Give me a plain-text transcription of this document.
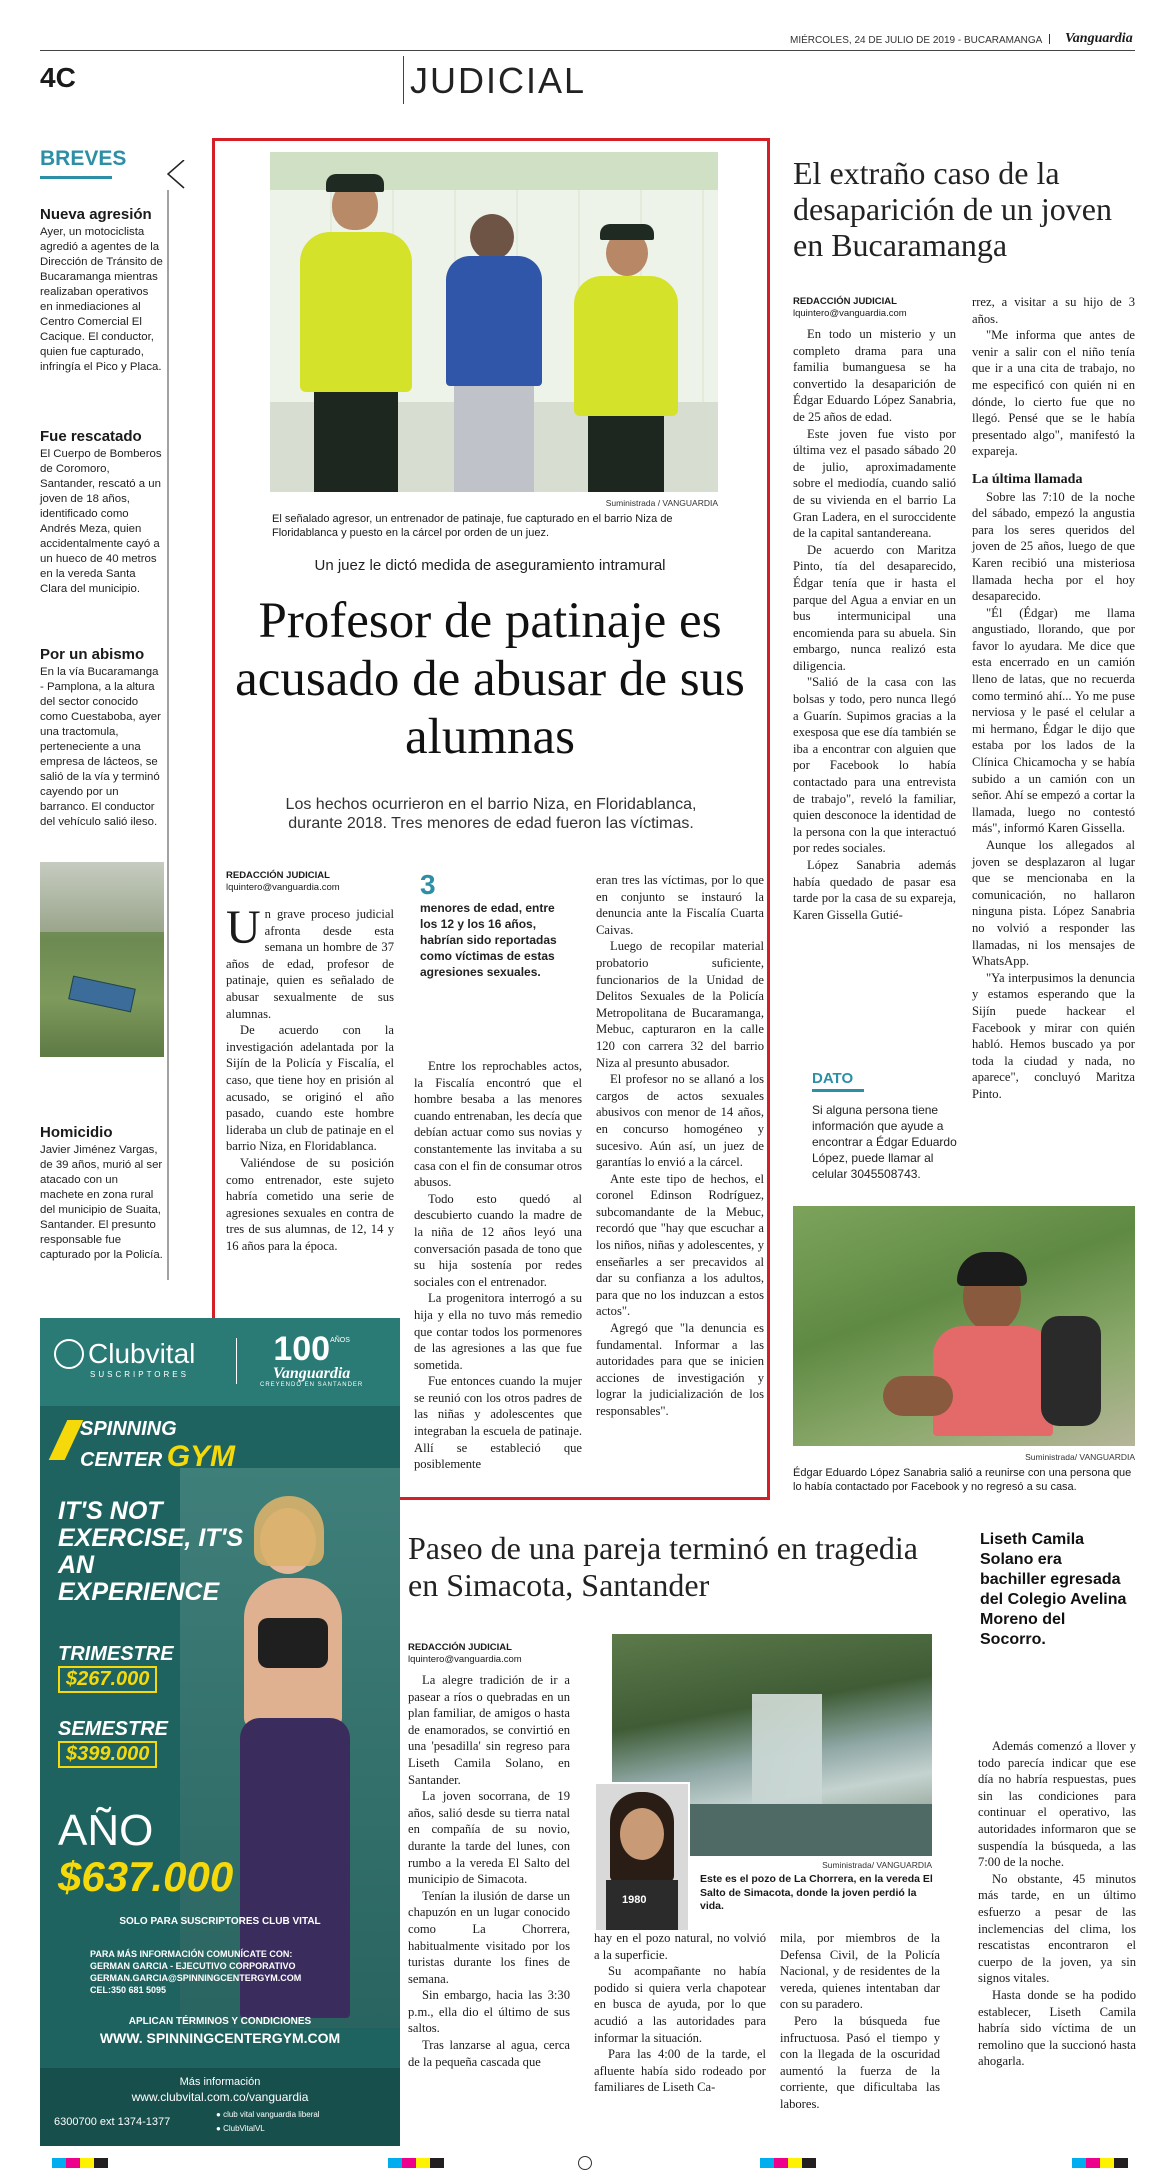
MIÉRCOLES, 24 DE JULIO DE 2019 - BUCARAMANGA	Vanguardia
4C	JUDICIAL
BREVES
Nueva agresión
Ayer, un motociclista agredió a agentes de la Dirección de Tránsito de Bucaramanga mientras realizaban operativos en inmediaciones al Centro Comercial El Cacique. El conductor, quien fue capturado, infringía el Pico y Placa.
Fue rescatado
El Cuerpo de Bomberos de Coromoro, Santander, rescató a un joven de 18 años, identificado como Andrés Meza, quien accidentalmente cayó a un hueco de 40 metros en la vereda Santa Clara del municipio.
Por un abismo
En la vía Bucaramanga - Pamplona, a la altura del sector conocido como Cuestaboba, ayer una tractomula, perteneciente a una empresa de lácteos, se salió de la vía y terminó cayendo por un barranco. El conductor del vehículo salió ileso.
Homicidio
Javier Jiménez Vargas, de 39 años, murió al ser atacado con un machete en zona rural del municipio de Suaita, Santander. El presunto responsable fue capturado por la Policía.
Suministrada / VANGUARDIA
El señalado agresor, un entrenador de patinaje, fue capturado en el barrio Niza de Floridablanca y puesto en la cárcel por orden de un juez.
Un juez le dictó medida de aseguramiento intramural
Profesor de patinaje es acusado de abusar de sus alumnas
Los hechos ocurrieron en el barrio Niza, en Floridablanca, durante 2018. Tres menores de edad fueron las víctimas.
REDACCIÓN JUDICIAL
lquintero@vanguardia.com
U n grave proceso judicial afronta desde esta semana un hombre de 37 años de edad, profesor de patinaje, quien es señalado de abusar sexualmente de sus alumnas.

De acuerdo con la investigación adelantada por la Sijín de la Policía y Fiscalía, el caso, que tiene hoy en prisión al acusado, se originó el año pasado, cuando este hombre lideraba un club de patinaje en el barrio Niza, en Floridablanca.

Valiéndose de su posición como entrenador, este sujeto habría cometido una serie de agresiones sexuales en contra de tres de sus alumnas, de 12, 14 y 16 años para la época.

3
menores de edad, entre los 12 y los 16 años, habrían sido reportadas como víctimas de estas agresiones sexuales.

Entre los reprochables actos, la Fiscalía encontró que el hombre besaba a las menores cuando entrenaban, les decía que debían actuar como sus novias y constantemente las invitaba a su casa con el fin de consumar otros abusos.

Todo esto quedó al descubierto cuando la madre de la niña de 12 años leyó una conversación pasada de tono que su hija sostenía por redes sociales con el entrenador.

La progenitora interrogó a su hija y ella no tuvo más remedio que contar todos los pormenores de las agresiones a las que fue sometida.

Fue entonces cuando la mujer se reunió con los otros padres de las niñas y adolescentes que integraban la escuela de patinaje. Allí se estableció que posiblemente

eran tres las víctimas, por lo que en conjunto se instauró la denuncia ante la Fiscalía Cuarta Caivas.

Luego de recopilar material probatorio suficiente, funcionarios de la Unidad de Delitos Sexuales de la Policía Metropolitana de Bucaramanga, Mebuc, capturaron en la calle 120 con carrera 32 del barrio Niza al presunto abusador.

El profesor no se allanó a los cargos de actos sexuales abusivos con menor de 14 años, en concurso homogéneo y sucesivo. Aún así, un juez de garantías lo envió a la cárcel.

Ante este tipo de hechos, el coronel Edinson Rodríguez, subcomandante de la Mebuc, recordó que "hay que escuchar a los niños, niñas y adolescentes, y enseñarles a ser precavidos al dar su confianza a los adultos, para que no los induzcan a estos actos".

Agregó que "la denuncia es fundamental. Informar a las autoridades para que se inicien acciones de investigación y lograr la judicialización de los responsables".

El extraño caso de la desaparición de un joven en Bucaramanga
REDACCIÓN JUDICIAL
lquintero@vanguardia.com

En todo un misterio y un completo drama para una familia bumanguesa se ha convertido la desaparición de Édgar Eduardo López Sanabria, de 25 años de edad.

Este joven fue visto por última vez el pasado sábado 20 de julio, aproximadamente sobre el mediodía, cuando salió de su vivienda en el barrio La Gran Ladera, en el suroccidente de la capital santandereana.

De acuerdo con Maritza Pinto, tía del desaparecido, Édgar tenía que ir hasta el parque del Agua a enviar en un bus intermunicipal una encomienda para su abuela. Sin embargo, nunca realizó esta diligencia.

"Salió de la casa con las bolsas y todo, pero nunca llegó a Guarín. Supimos gracias a la exesposa que ese día también se iba a encontrar con alguien que por Facebook lo había contactado para una entrevista de trabajo", reveló la familiar, quien desconoce la identidad de la persona con la que interactuó por redes sociales.

López Sanabria además había quedado de pasar esa tarde por la casa de su expareja, Karen Gissella Gutié-

rrez, a visitar a su hijo de 3 años.

"Me informa que antes de venir a salir con el niño tenía que ir a una cita de trabajo, no me especificó con quién ni en dónde, lo cierto fue que no llegó. Pensé que se le había presentado algo", manifestó la expareja.

La última llamada

Sobre las 7:10 de la noche del sábado, empezó la angustia para los seres queridos del joven de 25 años, luego de que Karen recibió una misteriosa llamada hecha por el hoy desaparecido.

"Él (Édgar) me llama angustiado, llorando, que por favor lo ayudara. Me dice que esta encerrado en un camión lleno de latas, que no recuerda como terminó ahí... Yo me puse nerviosa y le pasé el celular a mi hermano, Édgar le dijo que estaba por los lados de la Clínica Chicamocha y se había subido a un camión con un señor. Ahí se empezó a cortar la llamada, luego no contestó más", informó Karen Gissella.

Aunque los allegados al joven se desplazaron al lugar que se mencionaba en la comunicación, no hallaron ninguna pista. López Sanabria no volvió a responder las llamadas, ni los mensajes de WhatsApp.

"Ya interpusimos la denuncia y estamos esperando que la Sijín puede hackear el Facebook y mirar con quién habló. Hemos buscado ya por toda la ciudad y nada, no aparece", concluyó Maritza Pinto.

DATO
Si alguna persona tiene información que ayude a encontrar a Édgar Eduardo López, puede llamar al celular 3045508743.
Suministrada/ VANGUARDIA
Édgar Eduardo López Sanabria salió a reunirse con una persona que lo había contactado por Facebook y no regresó a su casa.
Clubvital
SUSCRIPTORES
$100^{AÑOS}$
Vanguardia
CREYENDO EN SANTANDER
SPINNING
CENTER GYM
IT'S NOT EXERCISE, IT'S AN EXPERIENCE
TRIMESTRE
$267.000
SEMESTRE
$399.000
AÑO
$637.000
SOLO PARA SUSCRIPTORES CLUB VITAL
PARA MÁS INFORMACIÓN COMUNÍCATE CON:
GERMAN GARCIA - EJECUTIVO CORPORATIVO
GERMAN.GARCIA@SPINNINGCENTERGYM.COM
CEL:350 681 5095
APLICAN TÉRMINOS Y CONDICIONES
WWW. SPINNINGCENTERGYM.COM
Más información
www.clubvital.com.co/vanguardia
6300700 ext 1374-1377
● club vital vanguardia liberal
● ClubVitalVL
Paseo de una pareja terminó en tragedia en Simacota, Santander
REDACCIÓN JUDICIAL
lquintero@vanguardia.com

La alegre tradición de ir a pasear a ríos o quebradas en un plan familiar, de amigos o hasta de enamorados, se convirtió en una 'pesadilla' sin regreso para Liseth Camila Solano, en Santander.

La joven socorrana, de 19 años, salió desde su tierra natal en compañía de su novio, durante la tarde del lunes, con rumbo a la vereda El Salto del municipio de Simacota.

Tenían la ilusión de darse un chapuzón en un lugar conocido como La Chorrera, habitualmente visitado por los turistas durante los fines de semana.

Sin embargo, hacia las 3:30 p.m., ella dio el último de sus saltos.

Tras lanzarse al agua, cerca de la pequeña cascada que

1980
Suministrada/ VANGUARDIA
Este es el pozo de La Chorrera, en la vereda El Salto de Simacota, donde la joven perdió la vida.

hay en el pozo natural, no volvió a la superficie.

Su acompañante no había podido si quiera verla chapotear en busca de ayuda, por lo que acudió a las autoridades para informar la situación.

Para las 4:00 de la tarde, el afluente había sido rodeado por familiares de Liseth Ca-

mila, por miembros de la Defensa Civil, de la Policía Nacional, y de residentes de la vereda, quienes intentaban dar con su paradero.

Pero la búsqueda fue infructuosa. Pasó el tiempo y con la llegada de la oscuridad aumentó la fuerza de la corriente, que dificultaba las labores.

Liseth Camila Solano era bachiller egresada del Colegio Avelina Moreno del Socorro.

Además comenzó a llover y todo parecía indicar que ese día no habría respuestas, pues sin las condiciones para continuar el operativo, las autoridades informaron que se suspendía la búsqueda, a las 7:00 de la noche.

No obstante, 45 minutos más tarde, en un último esfuerzo a pesar de las inclemencias del clima, los rescatistas encontraron el cuerpo de la joven, ya sin signos vitales.

Hasta donde se ha podido establecer, Liseth Camila habría sido víctima de un remolino que la succionó hasta ahogarla.
